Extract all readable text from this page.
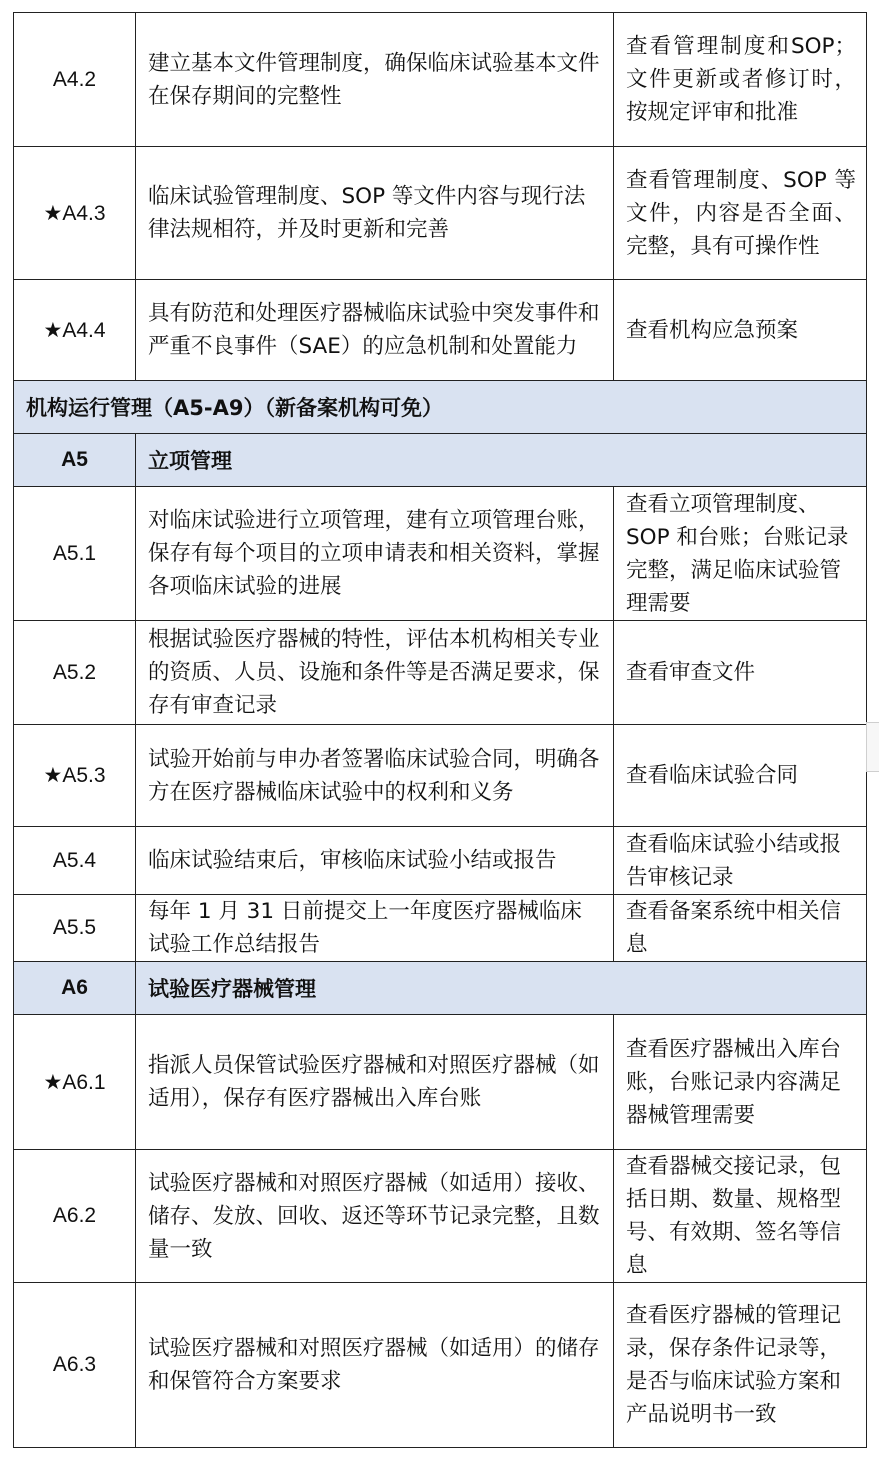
A4.2	建立基本文件管理制度，确保临床试验基本文件在保存期间的完整性	查看管理制度和SOP；文件更新或者修订时，按规定评审和批准
★A4.3	临床试验管理制度、SOP 等文件内容与现行法律法规相符，并及时更新和完善	查看管理制度、SOP 等文件，内容是否全面、完整，具有可操作性
★A4.4	具有防范和处理医疗器械临床试验中突发事件和严重不良事件（SAE）的应急机制和处置能力	查看机构应急预案
机构运行管理（A5-A9）（新备案机构可免）		
A5	立项管理	
A5.1	对临床试验进行立项管理，建有立项管理台账，保存有每个项目的立项申请表和相关资料，掌握各项临床试验的进展	查看立项管理制度、SOP 和台账；台账记录完整，满足临床试验管理需要
A5.2	根据试验医疗器械的特性，评估本机构相关专业的资质、人员、设施和条件等是否满足要求，保存有审查记录	查看审查文件
★A5.3	试验开始前与申办者签署临床试验合同，明确各方在医疗器械临床试验中的权利和义务	查看临床试验合同
A5.4	临床试验结束后，审核临床试验小结或报告	查看临床试验小结或报告审核记录
A5.5	每年 1 月 31 日前提交上一年度医疗器械临床试验工作总结报告	查看备案系统中相关信息
A6	试验医疗器械管理	
★A6.1	指派人员保管试验医疗器械和对照医疗器械（如适用），保存有医疗器械出入库台账	查看医疗器械出入库台账，台账记录内容满足器械管理需要
A6.2	试验医疗器械和对照医疗器械（如适用）接收、储存、发放、回收、返还等环节记录完整，且数量一致	查看器械交接记录，包括日期、数量、规格型号、有效期、签名等信息
A6.3	试验医疗器械和对照医疗器械（如适用）的储存和保管符合方案要求	查看医疗器械的管理记录，保存条件记录等，是否与临床试验方案和产品说明书一致
